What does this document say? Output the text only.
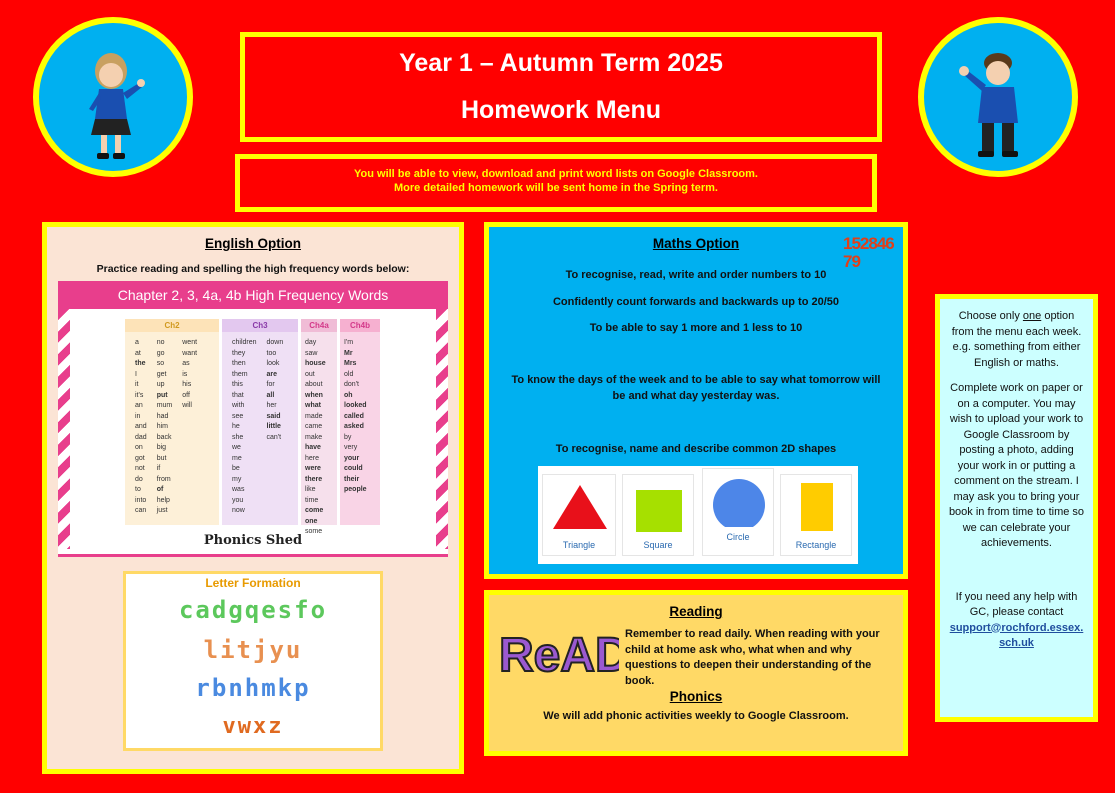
Year 1 – Autumn Term 2025
Homework Menu
You will be able to view, download and print word lists on Google Classroom.
More detailed homework will be sent home in the Spring term.
English Option
Practice reading and spelling the high frequency words below:
Chapter 2, 3, 4a, 4b High Frequency Words
Ch2
a
at
the
I
it
it's
an
in
and
dad
on
got
not
do
to
into
can
no
go
so
get
up
put
mum
had
him
back
big
but
if
from
of
help
just
went
want
as
is
his
off
will
Ch3
children
they
then
them
this
that
with
see
he
she
we
me
be
my
was
you
now
down
too
look
are
for
all
her
said
little
can't
Ch4a
day
saw
house
out
about
when
what
made
came
make
have
here
were
there
like
time
come
one
some
Ch4b
I'm
Mr
Mrs
old
don't
oh
looked
called
asked
by
very
your
could
their
people
Phonics Shed
Letter Formation
cadgqesfo
litjyu
rbnhmkp
vwxz
Maths Option	15284679
To recognise, read, write and order numbers to 10
Confidently count forwards and backwards up to 20/50
To be able to say 1 more and 1 less to 10
To know the days of the week and to be able to say what tomorrow will be and what day yesterday was.
To recognise, name and describe common 2D shapes
Triangle	Square
Circle
Rectangle
Reading
ReAD
Remember to read daily. When reading with your child at home ask who, what when and why questions to deepen their understanding of the book.
Phonics
We will add phonic activities weekly to Google Classroom.

Choose only one option from the menu each week. e.g. something from either English or maths.

Complete work on paper or on a computer. You may wish to upload your work to Google Classroom by posting a photo, adding your work in or putting a comment on the stream. I may ask you to bring your book in from time to time so we can celebrate your achievements.

If you need any help with GC, please contact

support@rochford.essex.sch.uk
